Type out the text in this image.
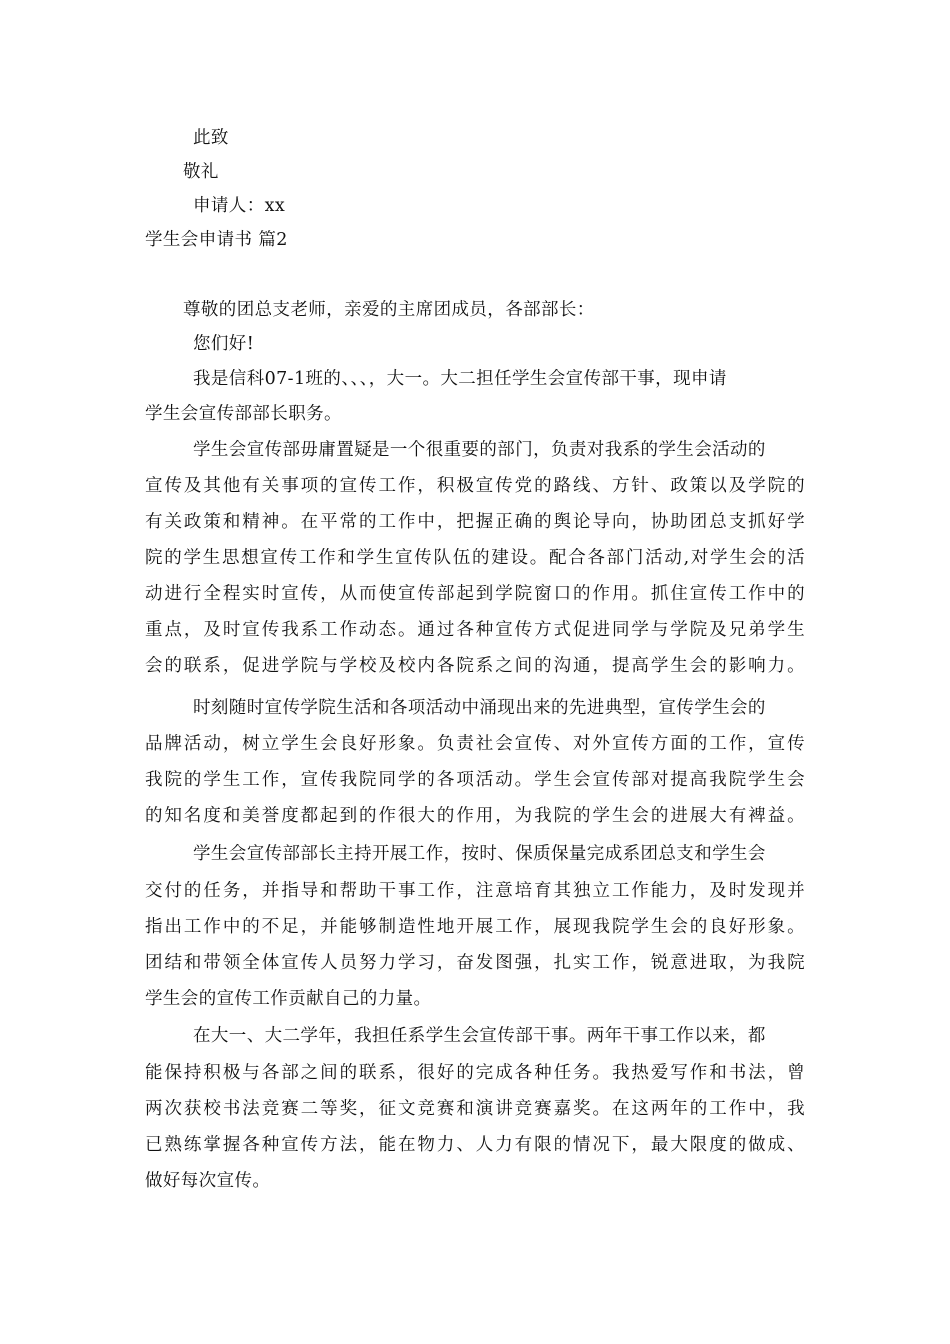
此致
敬礼
申请人：xx
学生会申请书 篇2
尊敬的团总支老师，亲爱的主席团成员，各部部长：
您们好!
我是信科07-1班的、、、，大一。大二担任学生会宣传部干事，现申请
学生会宣传部部长职务。
学生会宣传部毋庸置疑是一个很重要的部门，负责对我系的学生会活动的
宣传及其他有关事项的宣传工作，积极宣传党的路线、方针、政策以及学院的
有关政策和精神。在平常的工作中，把握正确的舆论导向，协助团总支抓好学
院的学生思想宣传工作和学生宣传队伍的建设。配合各部门活动,对学生会的活
动进行全程实时宣传，从而使宣传部起到学院窗口的作用。抓住宣传工作中的
重点，及时宣传我系工作动态。通过各种宣传方式促进同学与学院及兄弟学生
会的联系，促进学院与学校及校内各院系之间的沟通，提高学生会的影响力。
时刻随时宣传学院生活和各项活动中涌现出来的先进典型，宣传学生会的
品牌活动，树立学生会良好形象。负责社会宣传、对外宣传方面的工作，宣传
我院的学生工作，宣传我院同学的各项活动。学生会宣传部对提高我院学生会
的知名度和美誉度都起到的作很大的作用，为我院的学生会的进展大有裨益。
学生会宣传部部长主持开展工作，按时、保质保量完成系团总支和学生会
交付的任务，并指导和帮助干事工作，注意培育其独立工作能力，及时发现并
指出工作中的不足，并能够制造性地开展工作，展现我院学生会的良好形象。
团结和带领全体宣传人员努力学习，奋发图强，扎实工作，锐意进取，为我院
学生会的宣传工作贡献自己的力量。
在大一、大二学年，我担任系学生会宣传部干事。两年干事工作以来，都
能保持积极与各部之间的联系，很好的完成各种任务。我热爱写作和书法，曾
两次获校书法竞赛二等奖，征文竞赛和演讲竞赛嘉奖。在这两年的工作中，我
已熟练掌握各种宣传方法，能在物力、人力有限的情况下，最大限度的做成、
做好每次宣传。
